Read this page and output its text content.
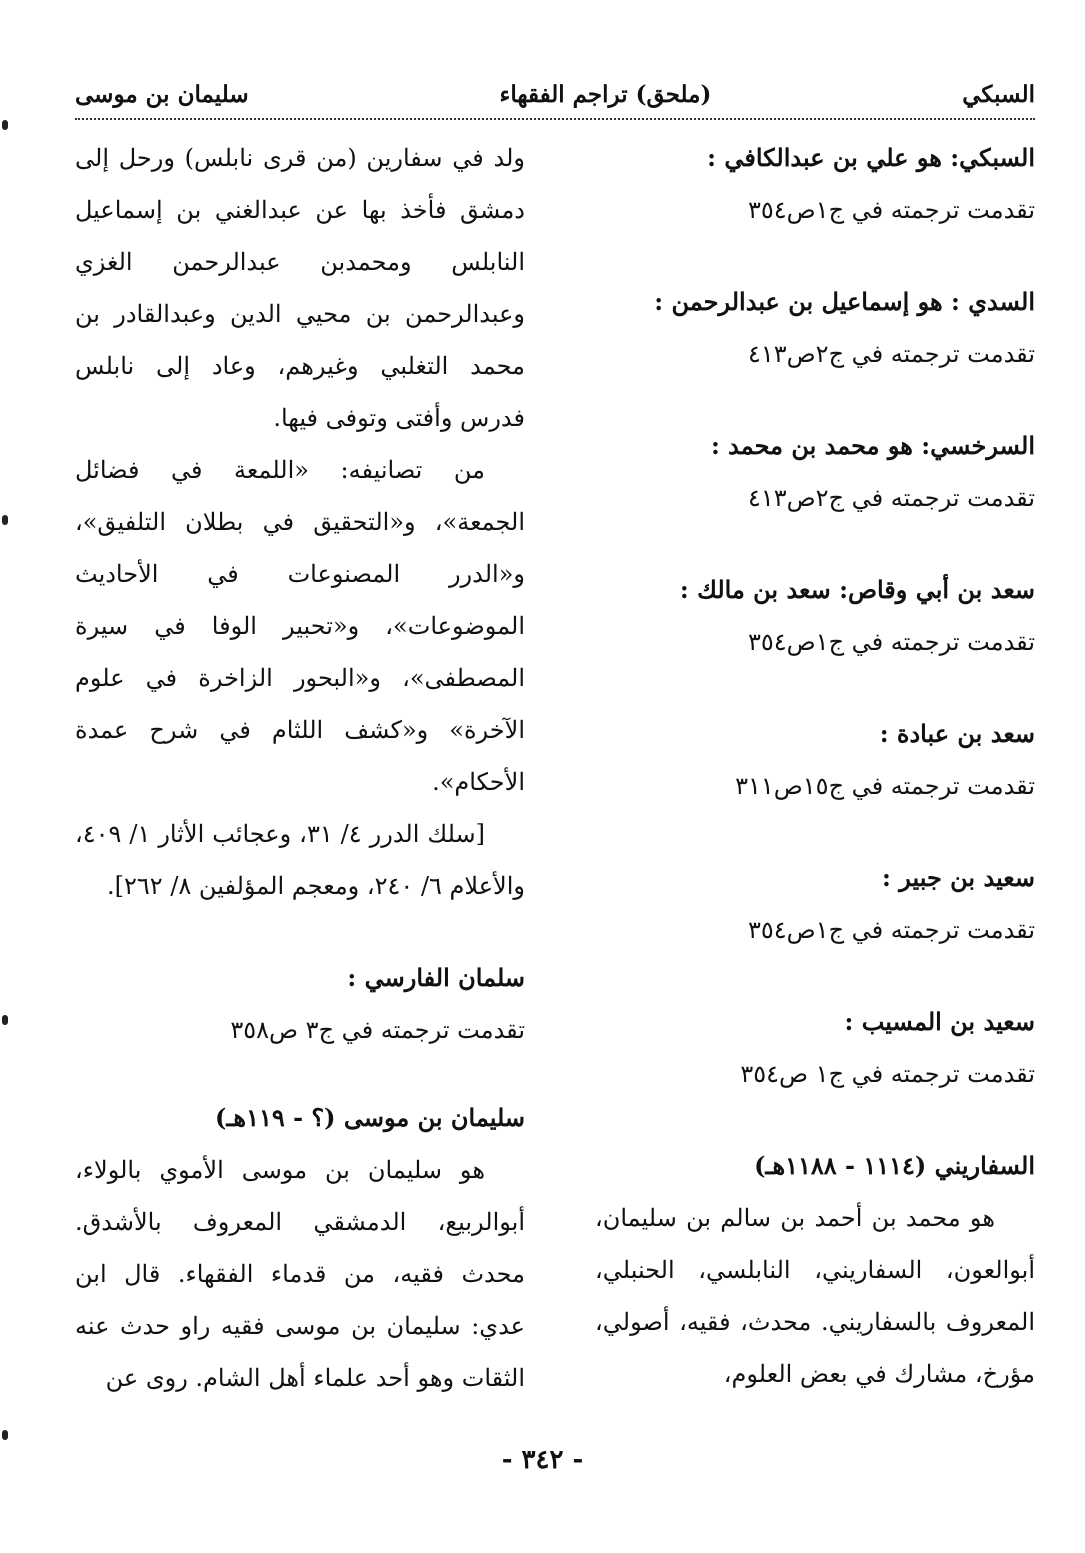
السبكي
(ملحق) تراجم الفقهاء
سليمان بن موسى
السبكي: هو علي بن عبدالكافي :
تقدمت ترجمته في ج١ص٣٥٤
السدي : هو إسماعيل بن عبدالرحمن :
تقدمت ترجمته في ج٢ص٤١٣
السرخسي: هو محمد بن محمد :
تقدمت ترجمته في ج٢ص٤١٣
سعد بن أبي وقاص: سعد بن مالك :
تقدمت ترجمته في ج١ص٣٥٤
سعد بن عبادة :
تقدمت ترجمته في ج١٥ص٣١١
سعيد بن جبير :
تقدمت ترجمته في ج١ص٣٥٤
سعيد بن المسيب :
تقدمت ترجمته في ج١ ص٣٥٤
السفاريني (١١١٤ - ١١٨٨هـ)

هو محمد بن أحمد بن سالم بن سليمان، أبوالعون، السفاريني، النابلسي، الحنبلي، المعروف بالسفاريني. محدث، فقيه، أصولي، مؤرخ، مشارك في بعض العلوم،

ولد في سفارين (من قرى نابلس) ورحل إلى دمشق فأخذ بها عن عبدالغني بن إسماعيل النابلس ومحمدبن عبدالرحمن الغزي وعبدالرحمن بن محيي الدين وعبدالقادر بن محمد التغلبي وغيرهم، وعاد إلى نابلس فدرس وأفتى وتوفى فيها.

من تصانيفه: «اللمعة في فضائل الجمعة»، و«التحقيق في بطلان التلفيق»، و«الدرر المصنوعات في الأحاديث الموضوعات»، و«تحبير الوفا في سيرة المصطفى»، و«البحور الزاخرة في علوم الآخرة» و«كشف اللثام في شرح عمدة الأحكام».

[سلك الدرر ٤/ ٣١، وعجائب الأثار ١/ ٤٠٩، والأعلام ٦/ ٢٤٠، ومعجم المؤلفين ٨/ ٢٦٢].

سلمان الفارسي :
تقدمت ترجمته في ج٣ ص٣٥٨
سليمان بن موسى (؟ - ١١٩هـ)

هو سليمان بن موسى الأموي بالولاء، أبوالربيع، الدمشقي المعروف بالأشدق. محدث فقيه، من قدماء الفقهاء. قال ابن عدي: سليمان بن موسى فقيه راو حدث عنه الثقات وهو أحد علماء أهل الشام. روى عن

- ٣٤٢ -
